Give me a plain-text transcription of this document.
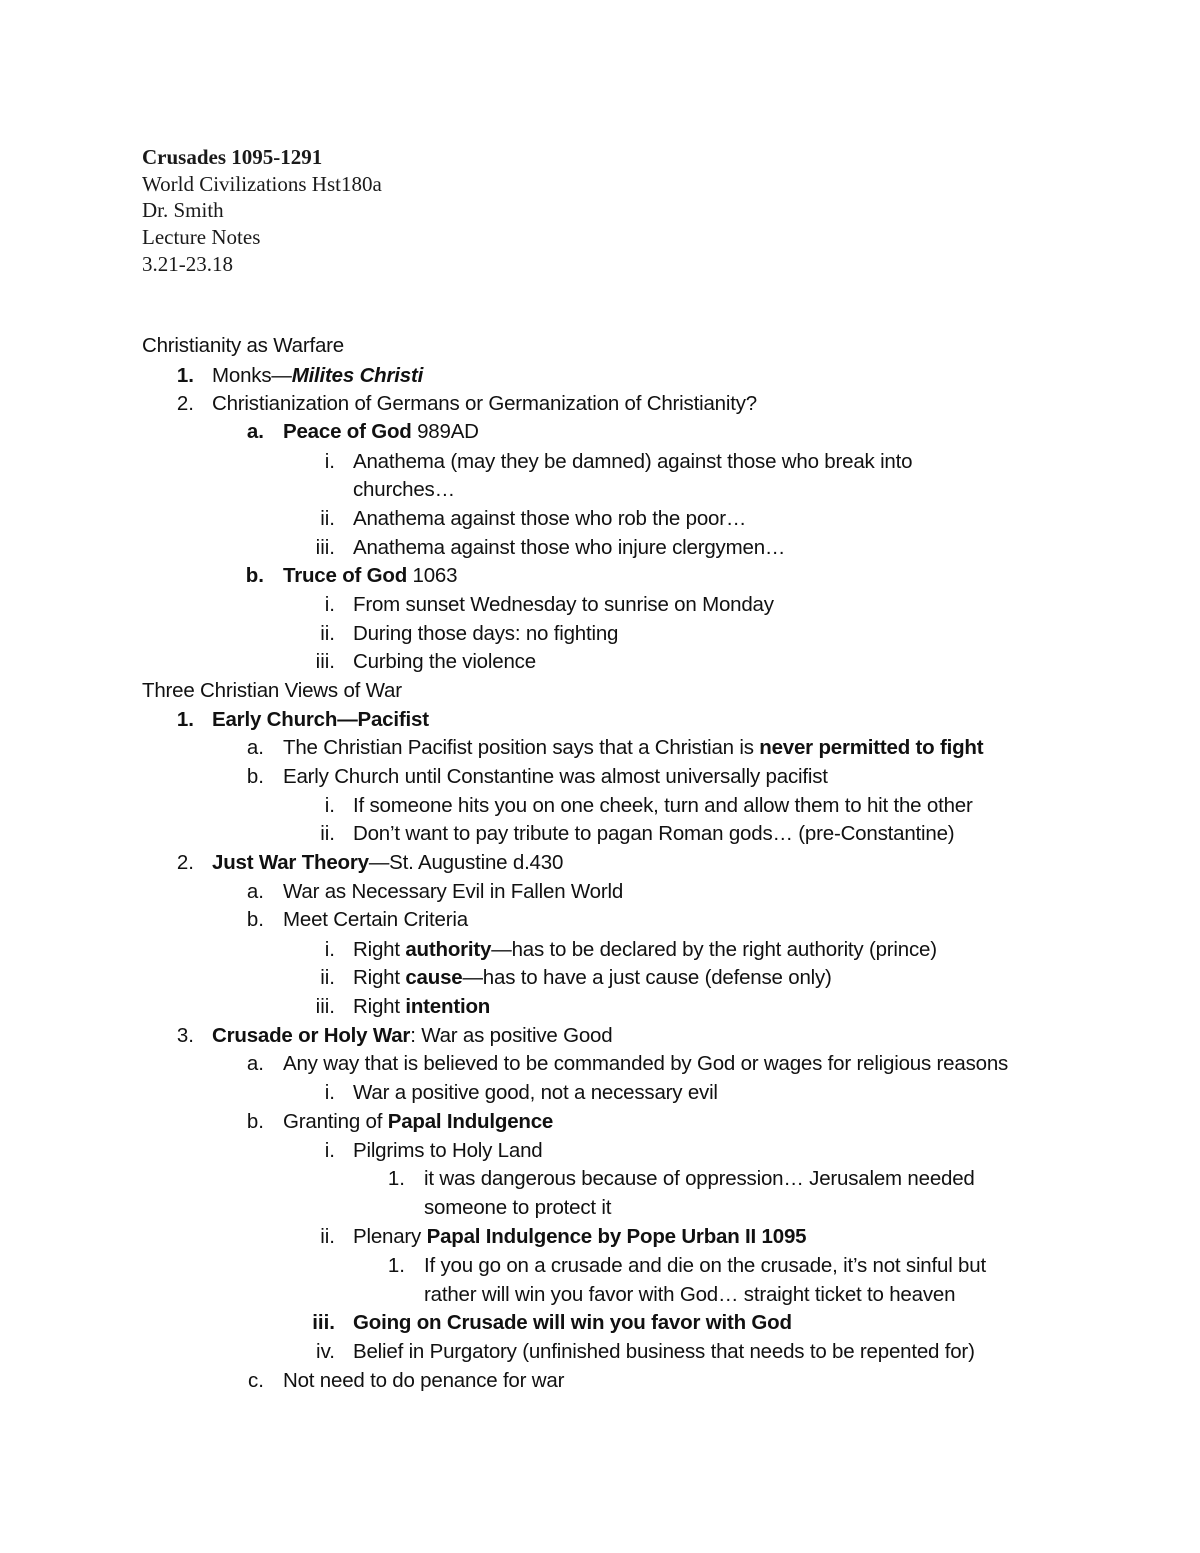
Crusades 1095-1291
World Civilizations Hst180a
Dr. Smith
Lecture Notes
3.21-23.18
Christianity as Warfare
1. Monks—Milites Christi
2. Christianization of Germans or Germanization of Christianity?
a. Peace of God 989AD
i. Anathema (may they be damned) against those who break into
churches…
ii. Anathema against those who rob the poor…
iii. Anathema against those who injure clergymen…
b. Truce of God 1063
i. From sunset Wednesday to sunrise on Monday
ii. During those days: no fighting
iii. Curbing the violence
Three Christian Views of War
1. Early Church—Pacifist
a. The Christian Pacifist position says that a Christian is never permitted to fight
b. Early Church until Constantine was almost universally pacifist
i. If someone hits you on one cheek, turn and allow them to hit the other
ii. Don’t want to pay tribute to pagan Roman gods… (pre-Constantine)
2. Just War Theory—St. Augustine d.430
a. War as Necessary Evil in Fallen World
b. Meet Certain Criteria
i. Right authority—has to be declared by the right authority (prince)
ii. Right cause—has to have a just cause (defense only)
iii. Right intention
3. Crusade or Holy War: War as positive Good
a. Any way that is believed to be commanded by God or wages for religious reasons
i. War a positive good, not a necessary evil
b. Granting of Papal Indulgence
i. Pilgrims to Holy Land
1. it was dangerous because of oppression… Jerusalem needed
someone to protect it
ii. Plenary Papal Indulgence by Pope Urban II 1095
1. If you go on a crusade and die on the crusade, it’s not sinful but
rather will win you favor with God… straight ticket to heaven
iii. Going on Crusade will win you favor with God
iv. Belief in Purgatory (unfinished business that needs to be repented for)
c. Not need to do penance for war
